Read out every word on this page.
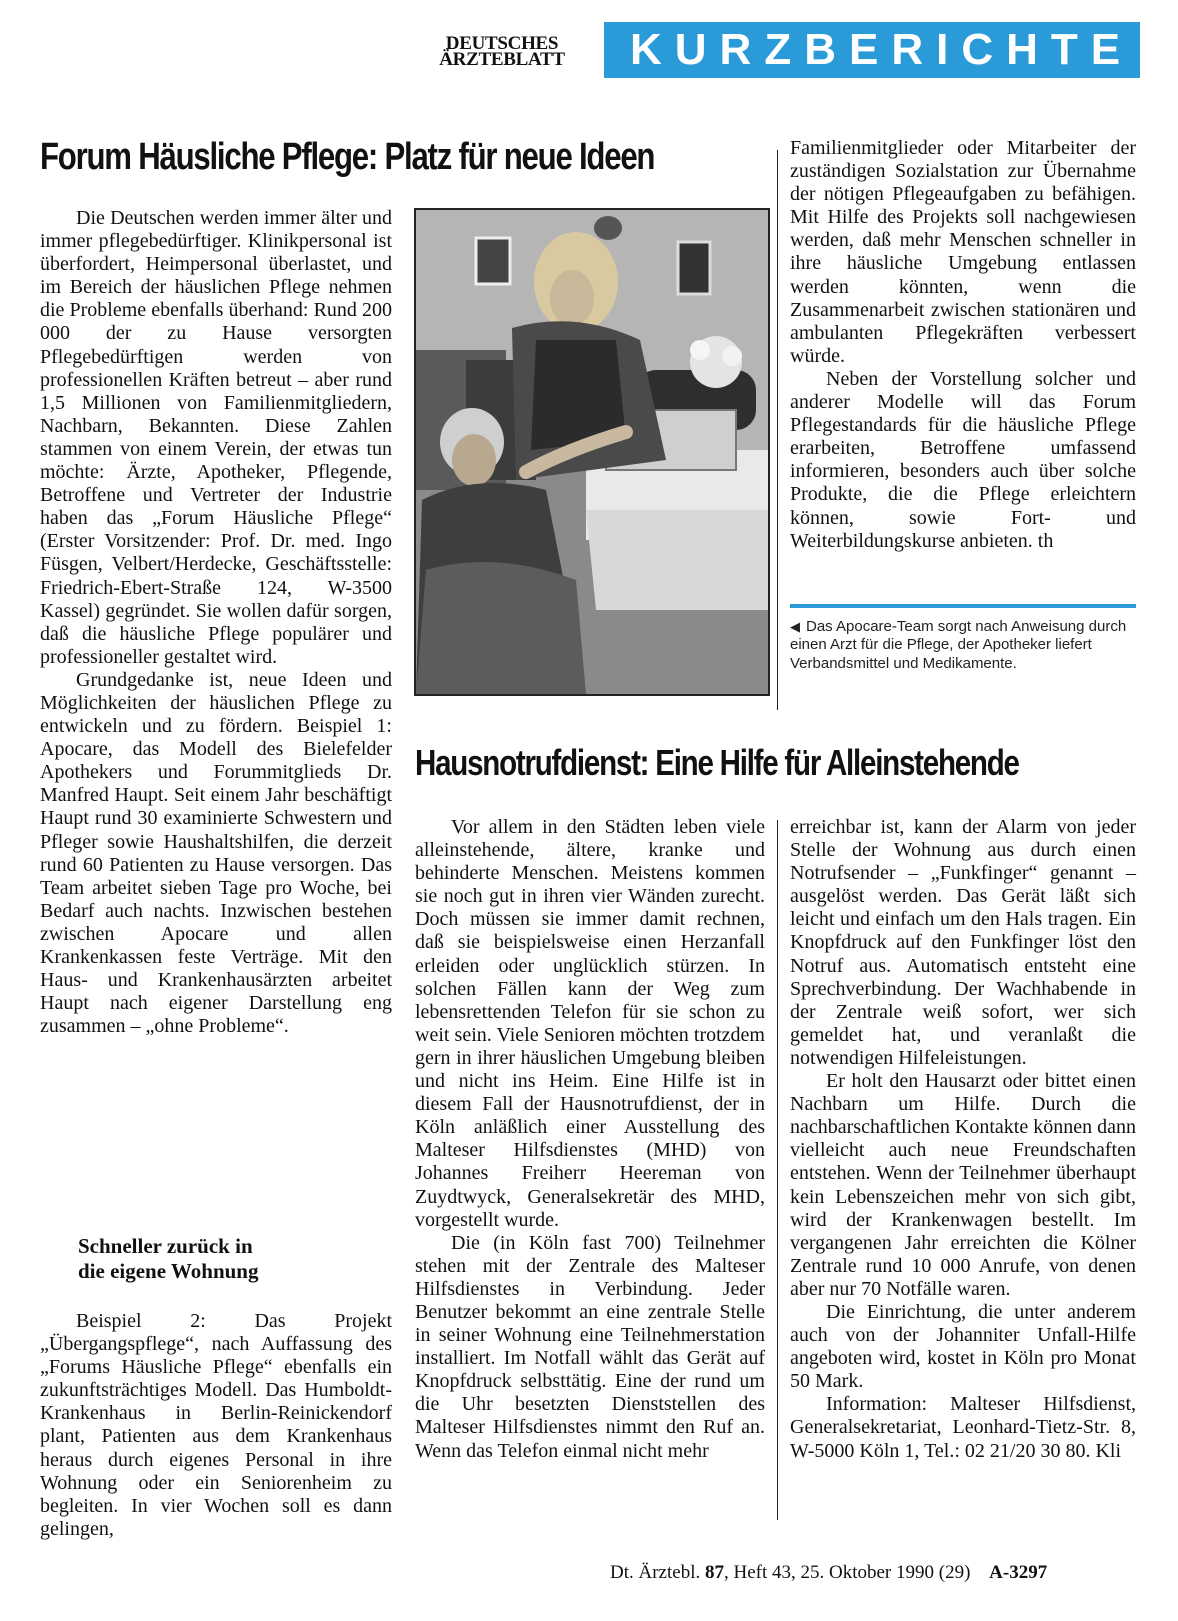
DEUTSCHES
ÄRZTEBLATT	KURZBERICHTE
Forum Häusliche Pflege: Platz für neue Ideen

Die Deutschen werden immer älter und immer pflegebedürftiger. Klinikpersonal ist überfordert, Heimpersonal überlastet, und im Bereich der häuslichen Pflege nehmen die Probleme ebenfalls überhand: Rund 200 000 der zu Hause versorgten Pflegebedürftigen werden von professionellen Kräften betreut – aber rund 1,5 Millionen von Familienmitgliedern, Nachbarn, Bekannten. Diese Zahlen stammen von einem Verein, der etwas tun möchte: Ärzte, Apotheker, Pflegende, Betroffene und Vertreter der Industrie haben das „Forum Häusliche Pflege“ (Erster Vorsitzender: Prof. Dr. med. Ingo Füsgen, Velbert/Herdecke, Geschäftsstelle: Friedrich-Ebert-Straße 124, W-3500 Kassel) gegründet. Sie wollen dafür sorgen, daß die häusliche Pflege populärer und professioneller gestaltet wird.

Grundgedanke ist, neue Ideen und Möglichkeiten der häuslichen Pflege zu entwickeln und zu fördern. Beispiel 1: Apocare, das Modell des Bielefelder Apothekers und Forummitglieds Dr. Manfred Haupt. Seit einem Jahr beschäftigt Haupt rund 30 examinierte Schwestern und Pfleger sowie Haushaltshilfen, die derzeit rund 60 Patienten zu Hause versorgen. Das Team arbeitet sieben Tage pro Woche, bei Bedarf auch nachts. Inzwischen bestehen zwischen Apocare und allen Krankenkassen feste Verträge. Mit den Haus- und Krankenhausärzten arbeitet Haupt nach eigener Darstellung eng zusammen – „ohne Probleme“.

Schneller zurück in
die eigene Wohnung

Beispiel 2: Das Projekt „Übergangspflege“, nach Auffassung des „Forums Häusliche Pflege“ ebenfalls ein zukunftsträchtiges Modell. Das Humboldt-Krankenhaus in Berlin-Reinickendorf plant, Patienten aus dem Krankenhaus heraus durch eigenes Personal in ihre Wohnung oder ein Seniorenheim zu begleiten. In vier Wochen soll es dann gelingen,

Familienmitglieder oder Mitarbeiter der zuständigen Sozialstation zur Übernahme der nötigen Pflegeaufgaben zu befähigen. Mit Hilfe des Projekts soll nachgewiesen werden, daß mehr Menschen schneller in ihre häusliche Umgebung entlassen werden könnten, wenn die Zusammenarbeit zwischen stationären und ambulanten Pflegekräften verbessert würde.

Neben der Vorstellung solcher und anderer Modelle will das Forum Pflegestandards für die häusliche Pflege erarbeiten, Betroffene umfassend informieren, besonders auch über solche Produkte, die die Pflege erleichtern können, sowie Fort- und Weiterbildungskurse anbieten. th

◀ Das Apocare-Team sorgt nach Anweisung durch einen Arzt für die Pflege, der Apotheker liefert Verbandsmittel und Medikamente.
Hausnotrufdienst: Eine Hilfe für Alleinstehende

Vor allem in den Städten leben viele alleinstehende, ältere, kranke und behinderte Menschen. Meistens kommen sie noch gut in ihren vier Wänden zurecht. Doch müssen sie immer damit rechnen, daß sie beispielsweise einen Herzanfall erleiden oder unglücklich stürzen. In solchen Fällen kann der Weg zum lebensrettenden Telefon für sie schon zu weit sein. Viele Senioren möchten trotzdem gern in ihrer häuslichen Umgebung bleiben und nicht ins Heim. Eine Hilfe ist in diesem Fall der Hausnotrufdienst, der in Köln anläßlich einer Ausstellung des Malteser Hilfsdienstes (MHD) von Johannes Freiherr Heereman von Zuydtwyck, Generalsekretär des MHD, vorgestellt wurde.

Die (in Köln fast 700) Teilnehmer stehen mit der Zentrale des Malteser Hilfsdienstes in Verbindung. Jeder Benutzer bekommt an eine zentrale Stelle in seiner Wohnung eine Teilnehmerstation installiert. Im Notfall wählt das Gerät auf Knopfdruck selbsttätig. Eine der rund um die Uhr besetzten Dienststellen des Malteser Hilfsdienstes nimmt den Ruf an. Wenn das Telefon einmal nicht mehr

erreichbar ist, kann der Alarm von jeder Stelle der Wohnung aus durch einen Notrufsender – „Funkfinger“ genannt – ausgelöst werden. Das Gerät läßt sich leicht und einfach um den Hals tragen. Ein Knopfdruck auf den Funkfinger löst den Notruf aus. Automatisch entsteht eine Sprechverbindung. Der Wachhabende in der Zentrale weiß sofort, wer sich gemeldet hat, und veranlaßt die notwendigen Hilfeleistungen.

Er holt den Hausarzt oder bittet einen Nachbarn um Hilfe. Durch die nachbarschaftlichen Kontakte können dann vielleicht auch neue Freundschaften entstehen. Wenn der Teilnehmer überhaupt kein Lebenszeichen mehr von sich gibt, wird der Krankenwagen bestellt. Im vergangenen Jahr erreichten die Kölner Zentrale rund 10 000 Anrufe, von denen aber nur 70 Notfälle waren.

Die Einrichtung, die unter anderem auch von der Johanniter Unfall-Hilfe angeboten wird, kostet in Köln pro Monat 50 Mark.

Information: Malteser Hilfsdienst, Generalsekretariat, Leonhard-Tietz-Str. 8, W-5000 Köln 1, Tel.: 02 21/20 30 80. Kli

Dt. Ärztebl. 87, Heft 43, 25. Oktober 1990 (29) A-3297
